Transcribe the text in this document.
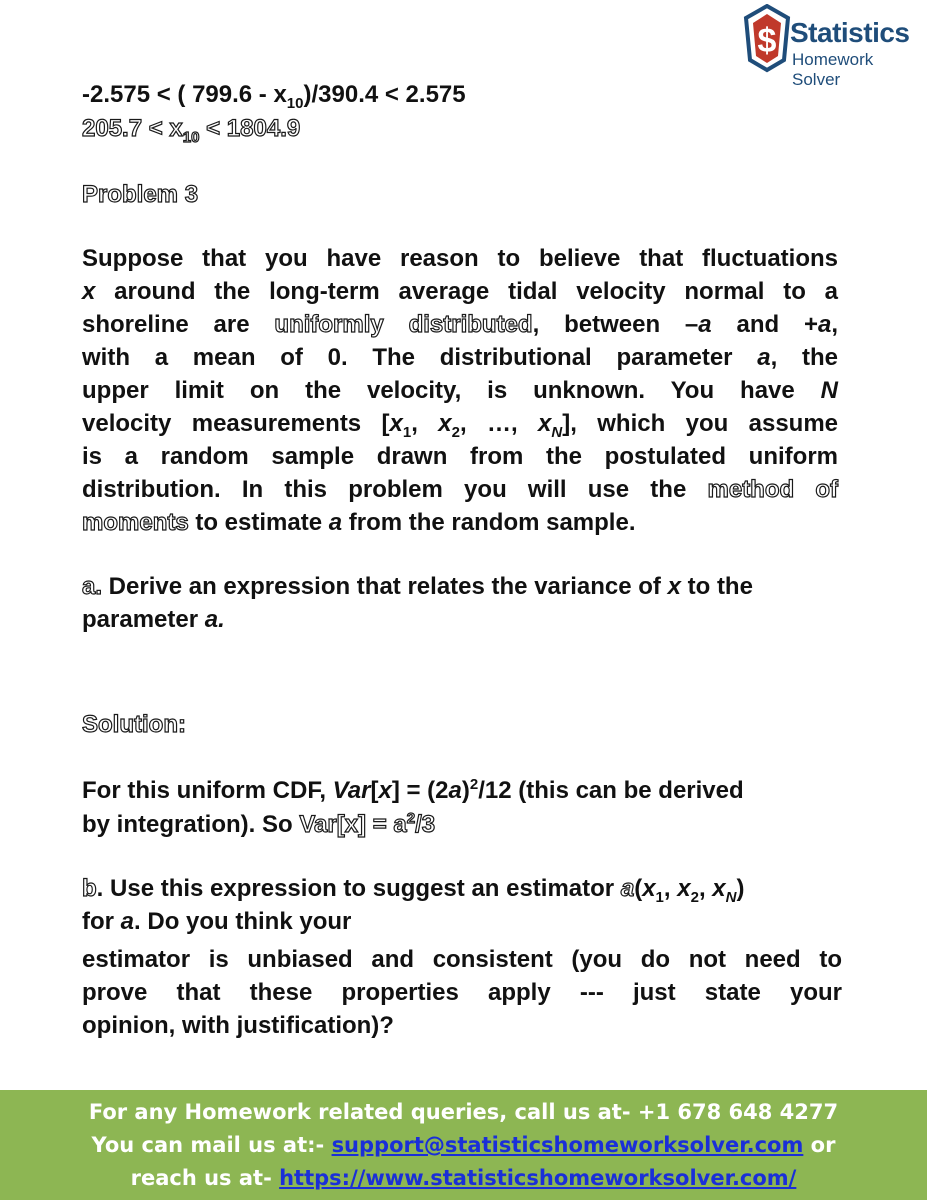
$ Statistics
Homework Solver
-2.575 < ( $799.6 - x_{10})/390.4 < 2.575$
$205.7 < x_{10} < 1804.9$
Problem 3
Suppose that you have reason to believe that fluctuations
x around the long-term average tidal velocity normal to a
shoreline are uniformly distributed, between –a and +a,
with a mean of 0. The distributional parameter a, the
upper limit on the velocity, is unknown. You have N
velocity measurements [$x_1$, $x_2$, …, $x_N$], which you assume
is a random sample drawn from the postulated uniform
distribution. In this problem you will use the method of
moments to estimate a from the random sample.
a. Derive an expression that relates the variance of x to the
parameter a.
Solution:
For this uniform CDF, $Var[x] = (2a)^2/12$ (this can be derived
by integration). So $Var[x] = a^2/3$
b. Use this expression to suggest an estimator $a(x_1$, $x_2$, $x_N$)
for a. Do you think your
estimator is unbiased and consistent (you do not need to
prove that these properties apply --- just state your
opinion, with justification)?
For any Homework related queries, call us at- +1 678 648 4277
You can mail us at:- support@statisticshomeworksolver.com or
reach us at- https://www.statisticshomeworksolver.com/
